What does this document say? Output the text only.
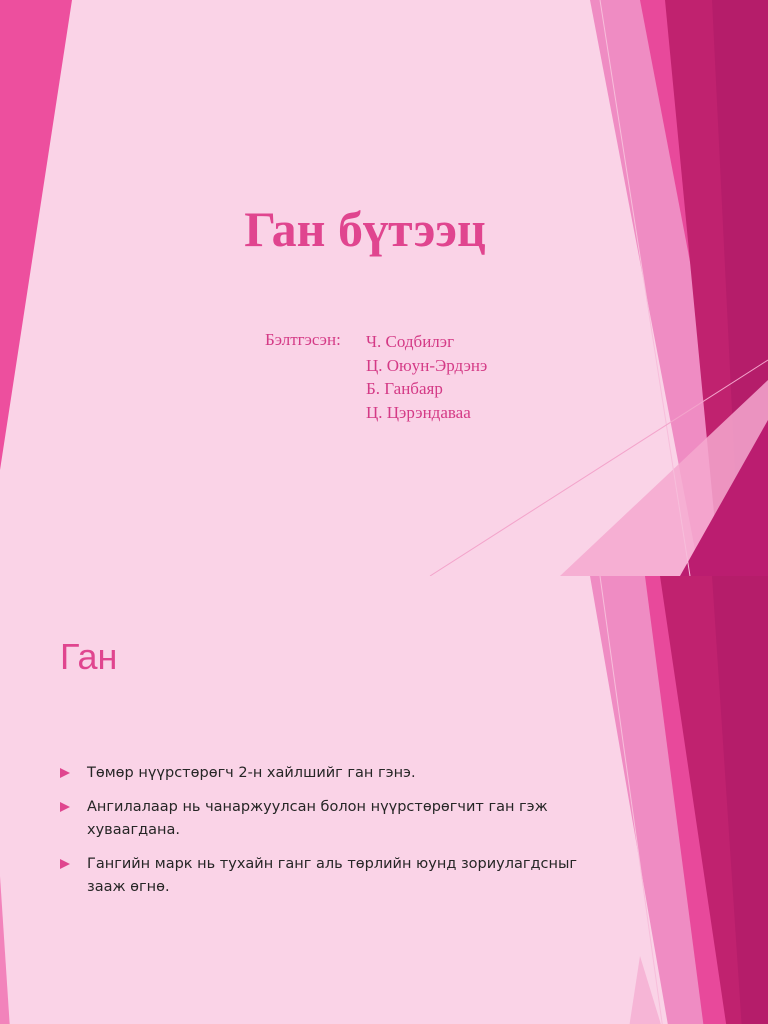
Ган бүтээц
Бэлтгэсэн: Ч. Содбилэг
Ц. Оюун-Эрдэнэ
Б. Ганбаяр
Ц. Цэрэндаваа
Ган
Төмөр нүүрстөрөгч 2-н хайлшийг ган гэнэ.
Ангилалаар нь чанаржуулсан болон нүүрстөрөгчит ган гэж хуваагдана.
Гангийн марк нь тухайн ганг аль төрлийн юунд зориулагдсныг зааж өгнө.
